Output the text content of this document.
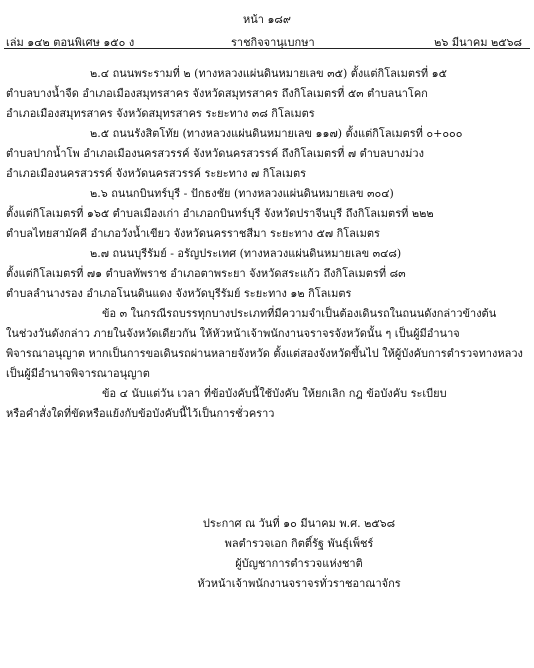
หน้า ๑๘๙
เล่ม ๑๔๒ ตอนพิเศษ ๑๕๐ ง	ราชกิจจานุเบกษา	๒๖ มีนาคม ๒๕๖๘
๒.๔ ถนนพระรามที่ ๒ (ทางหลวงแผ่นดินหมายเลข ๓๕) ตั้งแต่กิโลเมตรที่ ๑๕
ตำบลบางน้ำจืด อำเภอเมืองสมุทรสาคร จังหวัดสมุทรสาคร ถึงกิโลเมตรที่ ๕๓ ตำบลนาโคก
อำเภอเมืองสมุทรสาคร จังหวัดสมุทรสาคร ระยะทาง ๓๘ กิโลเมตร
๒.๕ ถนนรังสิตโทัย (ทางหลวงแผ่นดินหมายเลข ๑๑๗) ตั้งแต่กิโลเมตรที่ ๐+๐๐๐
ตำบลปากน้ำโพ อำเภอเมืองนครสวรรค์ จังหวัดนครสวรรค์ ถึงกิโลเมตรที่ ๗ ตำบลบางม่วง
อำเภอเมืองนครสวรรค์ จังหวัดนครสวรรค์ ระยะทาง ๗ กิโลเมตร
๒.๖ ถนนกบินทร์บุรี - ปักธงชัย (ทางหลวงแผ่นดินหมายเลข ๓๐๔)
ตั้งแต่กิโลเมตรที่ ๑๖๕ ตำบลเมืองเก่า อำเภอกบินทร์บุรี จังหวัดปราจีนบุรี ถึงกิโลเมตรที่ ๒๒๒
ตำบลไทยสามัคคี อำเภอวังน้ำเขียว จังหวัดนครราชสีมา ระยะทาง ๕๗ กิโลเมตร
๒.๗ ถนนบุรีรัมย์ - อรัญประเทศ (ทางหลวงแผ่นดินหมายเลข ๓๔๘)
ตั้งแต่กิโลเมตรที่ ๗๑ ตำบลทัพราช อำเภอตาพระยา จังหวัดสระแก้ว ถึงกิโลเมตรที่ ๘๓
ตำบลลำนางรอง อำเภอโนนดินแดง จังหวัดบุรีรัมย์ ระยะทาง ๑๒ กิโลเมตร
ข้อ ๓ ในกรณีรถบรรทุกบางประเภทที่มีความจำเป็นต้องเดินรถในถนนดังกล่าวข้างต้น
ในช่วงวันดังกล่าว ภายในจังหวัดเดียวกัน ให้หัวหน้าเจ้าพนักงานจราจรจังหวัดนั้น ๆ เป็นผู้มีอำนาจ
พิจารณาอนุญาต หากเป็นการขอเดินรถผ่านหลายจังหวัด ตั้งแต่สองจังหวัดขึ้นไป ให้ผู้บังคับการตำรวจทางหลวง
เป็นผู้มีอำนาจพิจารณาอนุญาต
ข้อ ๔ นับแต่วัน เวลา ที่ข้อบังคับนี้ใช้บังคับ ให้ยกเลิก กฎ ข้อบังคับ ระเบียบ
หรือคำสั่งใดที่ขัดหรือแย้งกับข้อบังคับนี้ไว้เป็นการชั่วคราว
ประกาศ ณ วันที่ ๑๐ มีนาคม พ.ศ. ๒๕๖๘
พลตำรวจเอก กิตติ์รัฐ พันธุ์เพ็ชร์
ผู้บัญชาการตำรวจแห่งชาติ
หัวหน้าเจ้าพนักงานจราจรทั่วราชอาณาจักร
